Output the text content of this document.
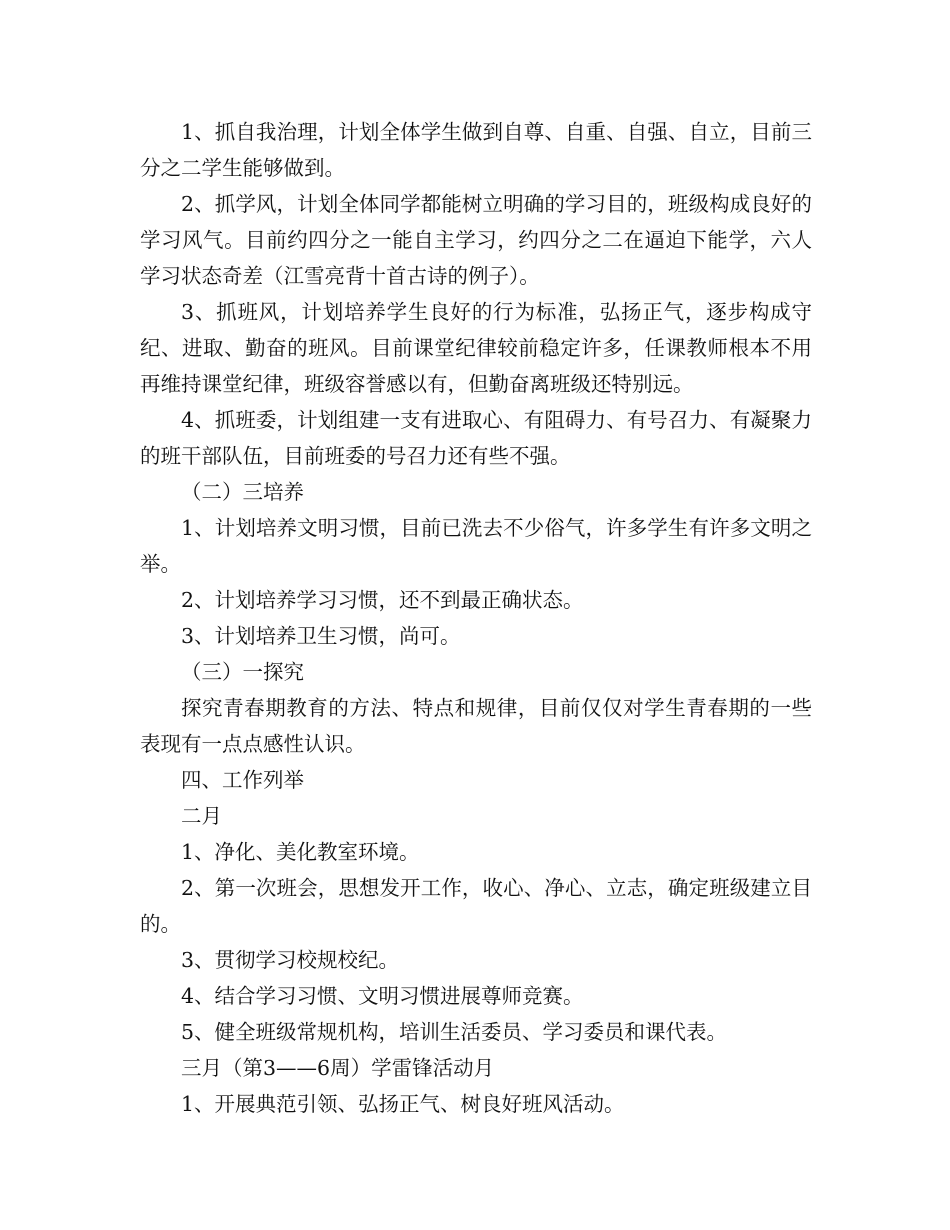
1、抓自我治理，计划全体学生做到自尊、自重、自强、自立，目前三分之二学生能够做到。

2、抓学风，计划全体同学都能树立明确的学习目的，班级构成良好的学习风气。目前约四分之一能自主学习，约四分之二在逼迫下能学，六人学习状态奇差（江雪亮背十首古诗的例子）。

3、抓班风，计划培养学生良好的行为标准，弘扬正气，逐步构成守纪、进取、勤奋的班风。目前课堂纪律较前稳定许多，任课教师根本不用再维持课堂纪律，班级容誉感以有，但勤奋离班级还特别远。

4、抓班委，计划组建一支有进取心、有阻碍力、有号召力、有凝聚力的班干部队伍，目前班委的号召力还有些不强。

（二）三培养

1、计划培养文明习惯，目前已洗去不少俗气，许多学生有许多文明之举。

2、计划培养学习习惯，还不到最正确状态。

3、计划培养卫生习惯，尚可。

（三）一探究

探究青春期教育的方法、特点和规律，目前仅仅对学生青春期的一些表现有一点点感性认识。

四、工作列举

二月

1、净化、美化教室环境。

2、第一次班会，思想发开工作，收心、净心、立志，确定班级建立目的。

3、贯彻学习校规校纪。

4、结合学习习惯、文明习惯进展尊师竞赛。

5、健全班级常规机构，培训生活委员、学习委员和课代表。

三月（第3——6周）学雷锋活动月

1、开展典范引领、弘扬正气、树良好班风活动。
